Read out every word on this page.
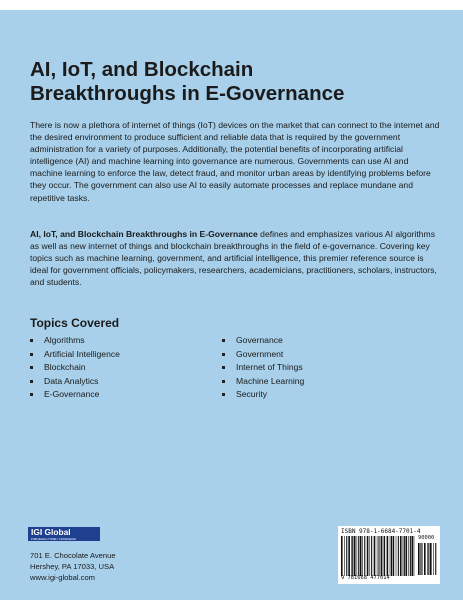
AI, IoT, and Blockchain
Breakthroughs in E-Governance

There is now a plethora of internet of things (IoT) devices on the market that can connect to the internet and the desired environment to produce sufficient and reliable data that is required by the government administration for a variety of purposes. Additionally, the potential benefits of incorporating artificial intelligence (AI) and machine learning into governance are numerous. Governments can use AI and machine learning to enforce the law, detect fraud, and monitor urban areas by identifying problems before they occur. The government can also use AI to easily automate processes and replace mundane and repetitive tasks.

AI, IoT, and Blockchain Breakthroughs in E-Governance defines and emphasizes various AI algorithms as well as new internet of things and blockchain breakthroughs in the field of e-governance. Covering key topics such as machine learning, government, and artificial intelligence, this premier reference source is ideal for government officials, policymakers, researchers, academicians, practitioners, scholars, instructors, and students.

Topics Covered
Algorithms
Artificial Intelligence
Blockchain
Data Analytics
E-Governance
Governance
Government
Internet of Things
Machine Learning
Security
IGI Global
PUBLISHER of TIMELY KNOWLEDGE
701 E. Chocolate Avenue
Hershey, PA 17033, USA
www.igi-global.com
ISBN 978-1-6684-7701-4
90000
9 781668 477014
